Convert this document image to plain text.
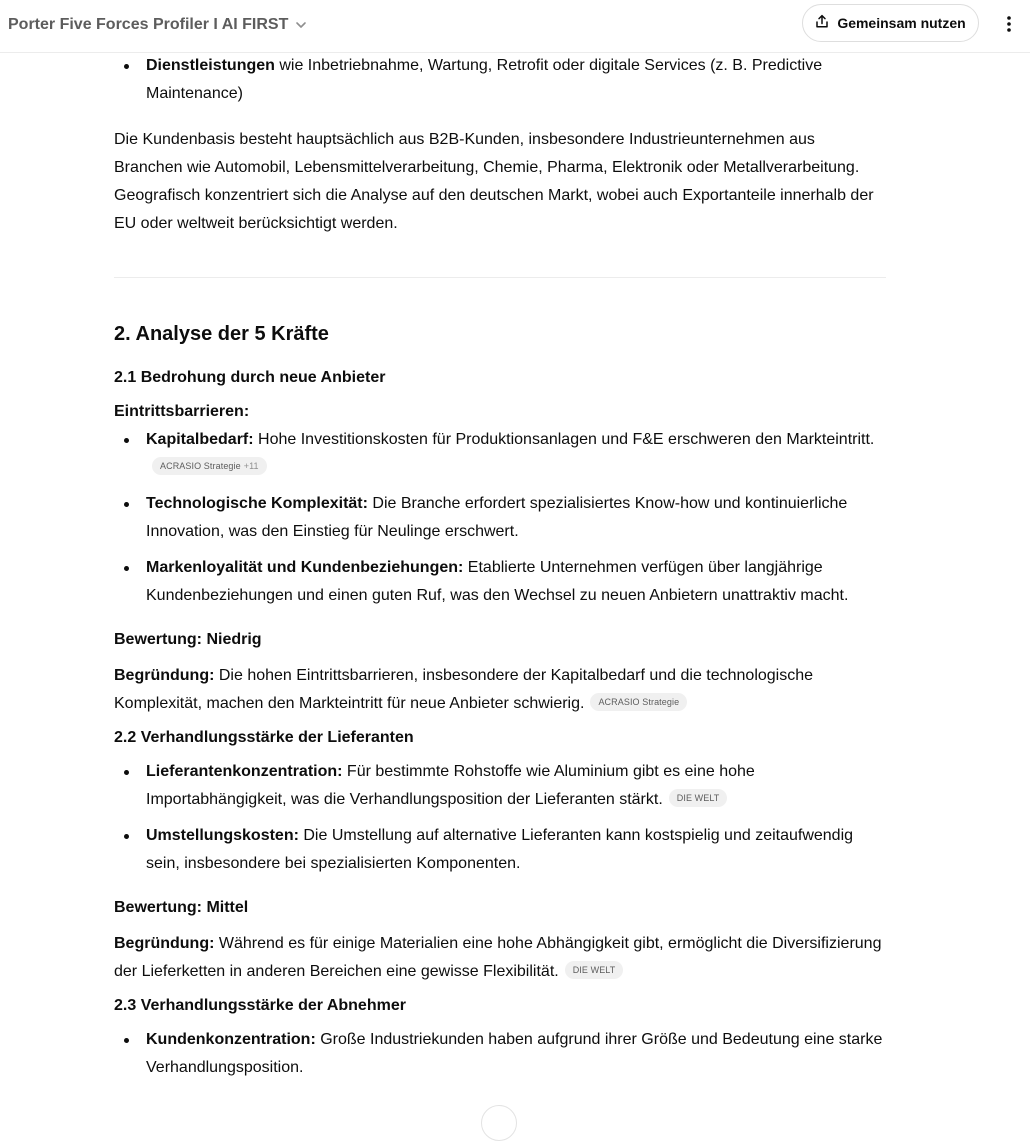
Porter Five Forces Profiler I AI FIRST	Gemeinsam nutzen
Dienstleistungen wie Inbetriebnahme, Wartung, Retrofit oder digitale Services (z. B. Predictive Maintenance)

Die Kundenbasis besteht hauptsächlich aus B2B-Kunden, insbesondere Industrieunternehmen aus Branchen wie Automobil, Lebensmittelverarbeitung, Chemie, Pharma, Elektronik oder Metallverarbeitung. Geografisch konzentriert sich die Analyse auf den deutschen Markt, wobei auch Exportanteile innerhalb der EU oder weltweit berücksichtigt werden.

2. Analyse der 5 Kräfte
2.1 Bedrohung durch neue Anbieter

Eintrittsbarrieren:

Kapitalbedarf: Hohe Investitionskosten für Produktionsanlagen und F&E erschweren den Markteintritt.ACRASIO Strategie +11
Technologische Komplexität: Die Branche erfordert spezialisiertes Know-how und kontinuierliche Innovation, was den Einstieg für Neulinge erschwert.
Markenloyalität und Kundenbeziehungen: Etablierte Unternehmen verfügen über langjährige Kundenbeziehungen und einen guten Ruf, was den Wechsel zu neuen Anbietern unattraktiv macht.

Bewertung: Niedrig

Begründung: Die hohen Eintrittsbarrieren, insbesondere der Kapitalbedarf und die technologische Komplexität, machen den Markteintritt für neue Anbieter schwierig. ACRASIO Strategie

2.2 Verhandlungsstärke der Lieferanten
Lieferantenkonzentration: Für bestimmte Rohstoffe wie Aluminium gibt es eine hohe Importabhängigkeit, was die Verhandlungsposition der Lieferanten stärkt. DIE WELT
Umstellungskosten: Die Umstellung auf alternative Lieferanten kann kostspielig und zeitaufwendig sein, insbesondere bei spezialisierten Komponenten.

Bewertung: Mittel

Begründung: Während es für einige Materialien eine hohe Abhängigkeit gibt, ermöglicht die Diversifizierung der Lieferketten in anderen Bereichen eine gewisse Flexibilität. DIE WELT

2.3 Verhandlungsstärke der Abnehmer
Kundenkonzentration: Große Industriekunden haben aufgrund ihrer Größe und Bedeutung eine starke Verhandlungsposition.
